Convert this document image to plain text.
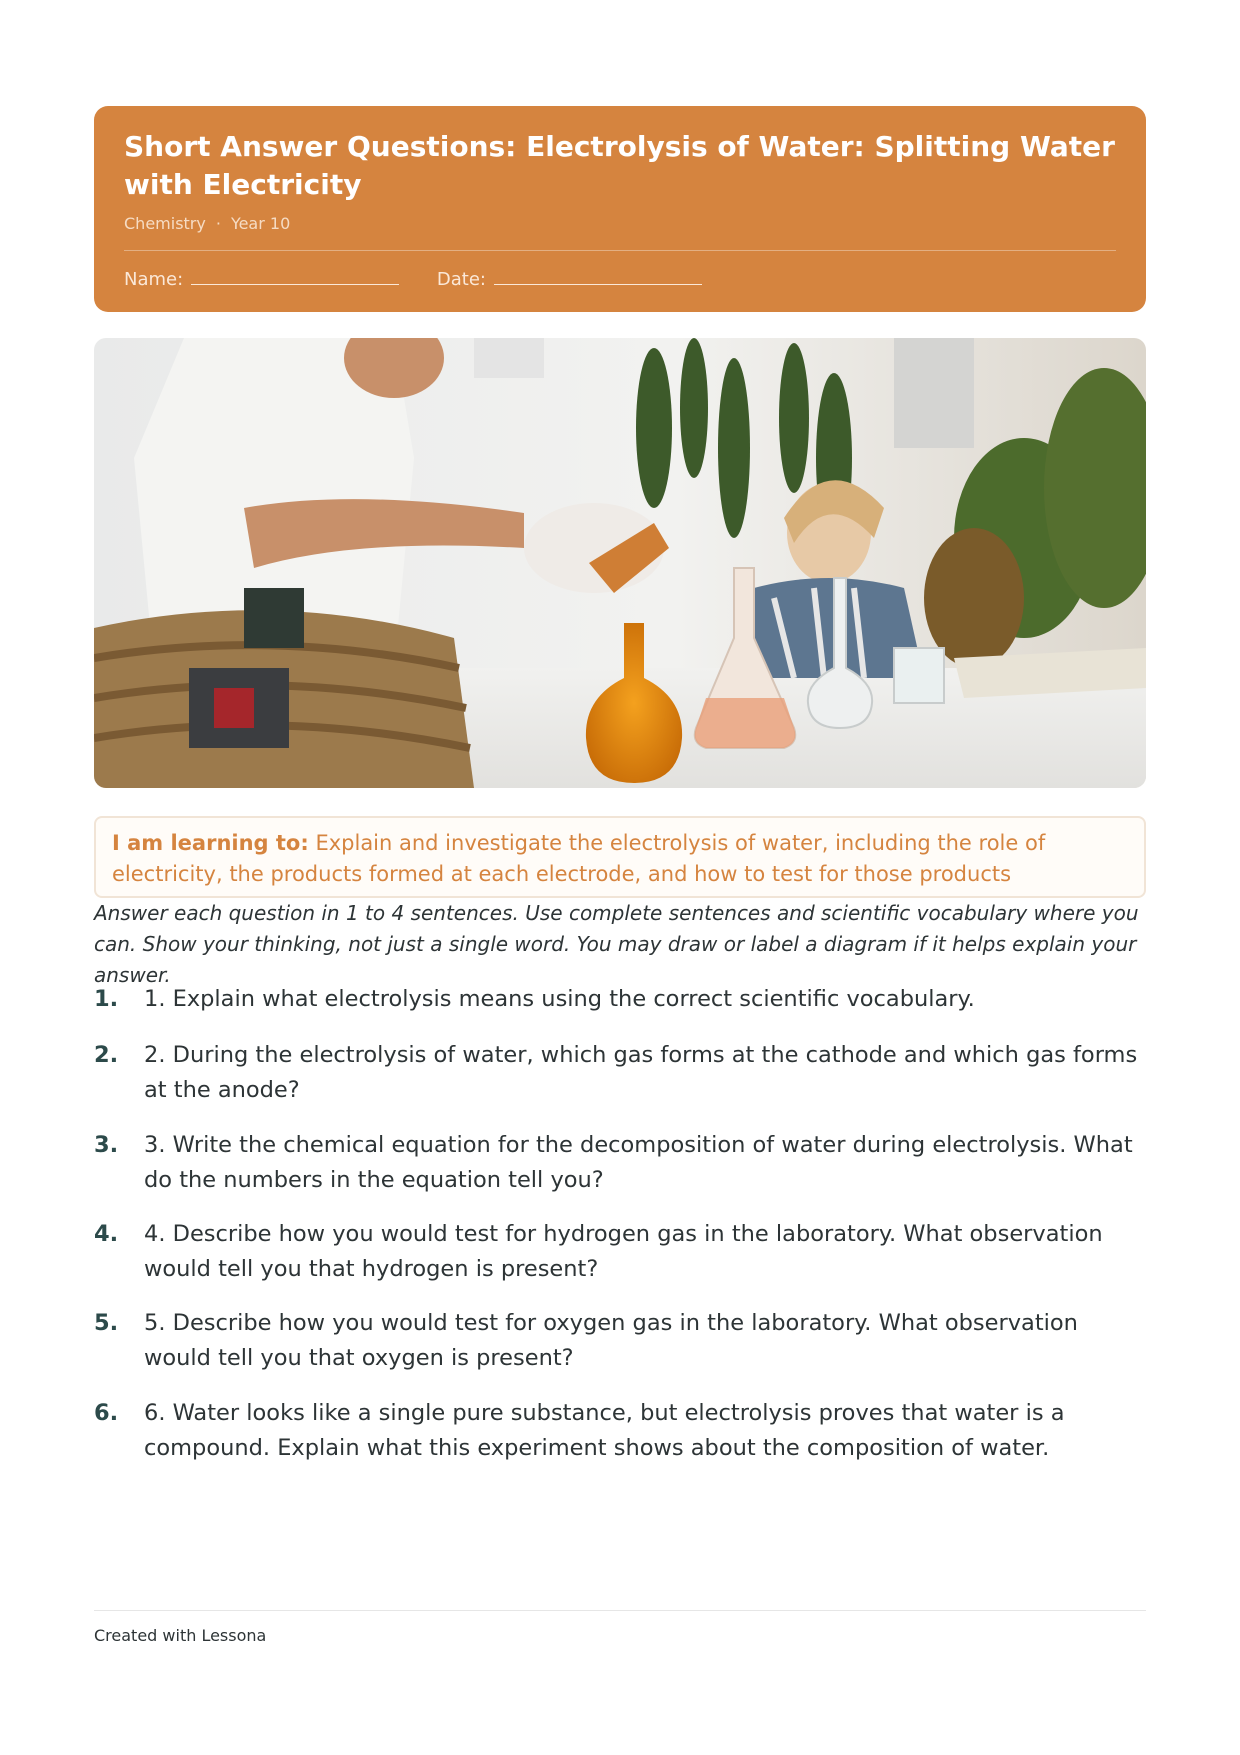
Short Answer Questions: Electrolysis of Water: Splitting Water with Electricity
Chemistry · Year 10
Name:	Date:
I am learning to: Explain and investigate the electrolysis of water, including the role of electricity, the products formed at each electrode, and how to test for those products
Answer each question in 1 to 4 sentences. Use complete sentences and scientific vocabulary where you can. Show your thinking, not just a single word. You may draw or label a diagram if it helps explain your answer.
1.	1. Explain what electrolysis means using the correct scientific vocabulary.
2.	2. During the electrolysis of water, which gas forms at the cathode and which gas forms at the anode?
3.	3. Write the chemical equation for the decomposition of water during electrolysis. What do the numbers in the equation tell you?
4.	4. Describe how you would test for hydrogen gas in the laboratory. What observation would tell you that hydrogen is present?
5.	5. Describe how you would test for oxygen gas in the laboratory. What observation would tell you that oxygen is present?
6.	6. Water looks like a single pure substance, but electrolysis proves that water is a compound. Explain what this experiment shows about the composition of water.
Created with Lessona
